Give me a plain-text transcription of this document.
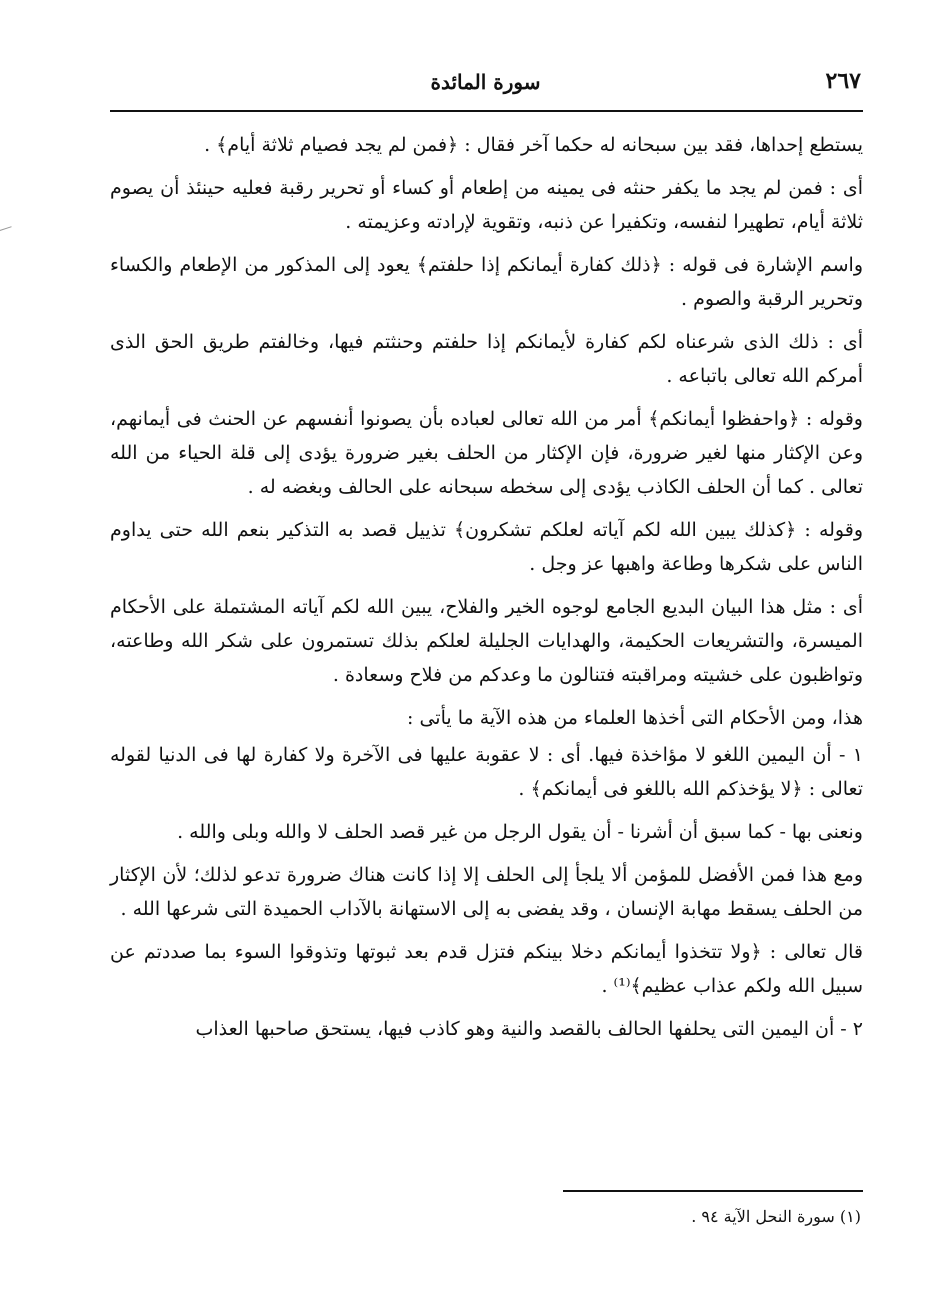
٢٦٧
سورة المائدة

يستطع إحداها، فقد بين سبحانه له حكما آخر فقال : ﴿فمن لم يجد فصيام ثلاثة أيام﴾ .

أى : فمن لم يجد ما يكفر حنثه فى يمينه من إطعام أو كساء أو تحرير رقبة فعليه حينئذ أن يصوم ثلاثة أيام، تطهيرا لنفسه، وتكفيرا عن ذنبه، وتقوية لإرادته وعزيمته .

واسم الإشارة فى قوله : ﴿ذلك كفارة أيمانكم إذا حلفتم﴾ يعود إلى المذكور من الإطعام والكساء وتحرير الرقبة والصوم .

أى : ذلك الذى شرعناه لكم كفارة لأيمانكم إذا حلفتم وحنثتم فيها، وخالفتم طريق الحق الذى أمركم الله تعالى باتباعه .

وقوله : ﴿واحفظوا أيمانكم﴾ أمر من الله تعالى لعباده بأن يصونوا أنفسهم عن الحنث فى أيمانهم، وعن الإكثار منها لغير ضرورة، فإن الإكثار من الحلف بغير ضرورة يؤدى إلى قلة الحياء من الله تعالى . كما أن الحلف الكاذب يؤدى إلى سخطه سبحانه على الحالف وبغضه له .

وقوله : ﴿كذلك يبين الله لكم آياته لعلكم تشكرون﴾ تذييل قصد به التذكير بنعم الله حتى يداوم الناس على شكرها وطاعة واهبها عز وجل .

أى : مثل هذا البيان البديع الجامع لوجوه الخير والفلاح، يبين الله لكم آياته المشتملة على الأحكام الميسرة، والتشريعات الحكيمة، والهدايات الجليلة لعلكم بذلك تستمرون على شكر الله وطاعته، وتواظبون على خشيته ومراقبته فتنالون ما وعدكم من فلاح وسعادة .

هذا، ومن الأحكام التى أخذها العلماء من هذه الآية ما يأتى :

١ - أن اليمين اللغو لا مؤاخذة فيها. أى : لا عقوبة عليها فى الآخرة ولا كفارة لها فى الدنيا لقوله تعالى : ﴿لا يؤخذكم الله باللغو فى أيمانكم﴾ .

ونعنى بها - كما سبق أن أشرنا - أن يقول الرجل من غير قصد الحلف لا والله وبلى والله .

ومع هذا فمن الأفضل للمؤمن ألا يلجأ إلى الحلف إلا إذا كانت هناك ضرورة تدعو لذلك؛ لأن الإكثار من الحلف يسقط مهابة الإنسان ، وقد يفضى به إلى الاستهانة بالآداب الحميدة التى شرعها الله .

قال تعالى : ﴿ولا تتخذوا أيمانكم دخلا بينكم فتزل قدم بعد ثبوتها وتذوقوا السوء بما صددتم عن سبيل الله ولكم عذاب عظيم﴾⁽¹⁾ .

٢ - أن اليمين التى يحلفها الحالف بالقصد والنية وهو كاذب فيها، يستحق صاحبها العذاب

(١) سورة النحل الآية ٩٤ .
